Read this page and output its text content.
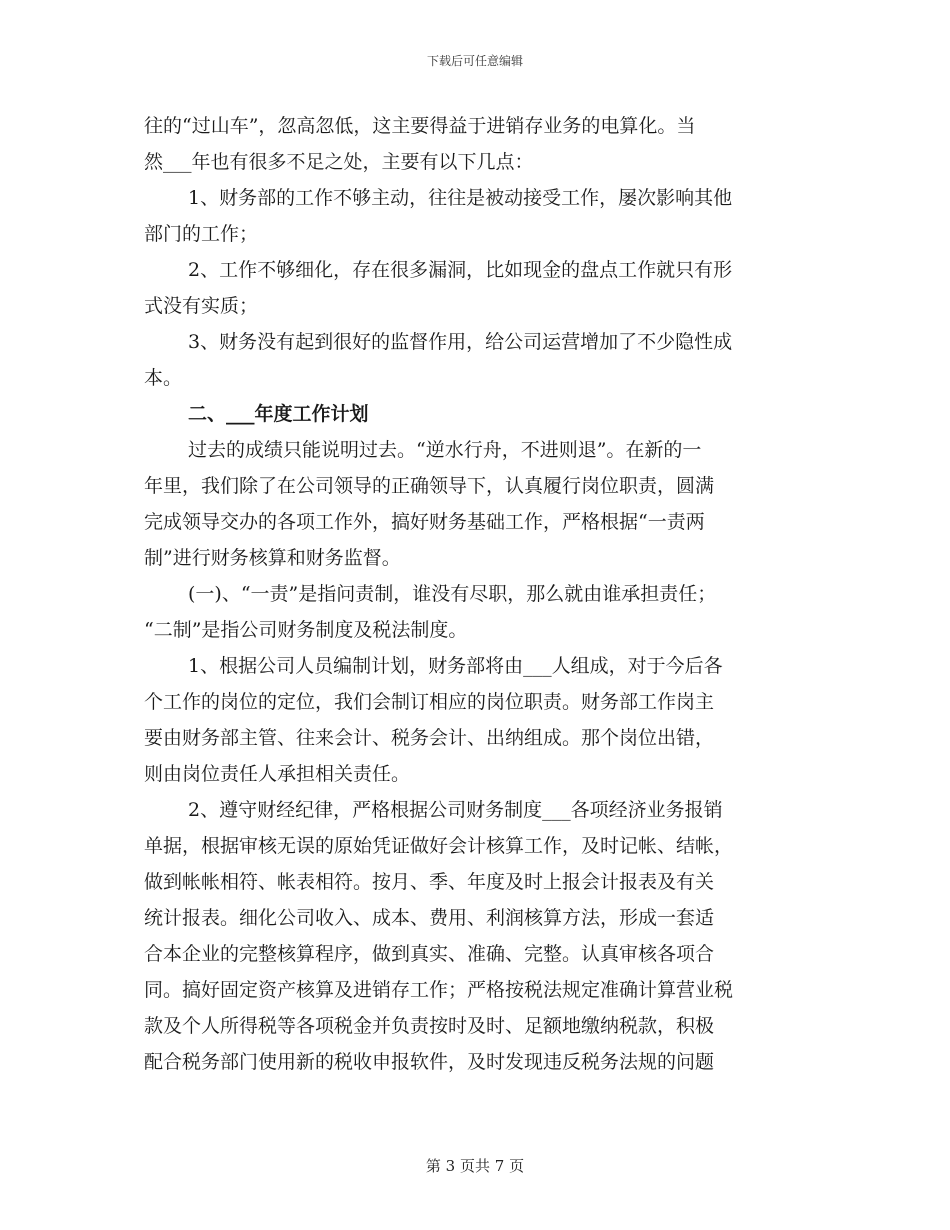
下载后可任意编辑
往的“过山车”，忽高忽低，这主要得益于进销存业务的电算化。当
然___年也有很多不足之处，主要有以下几点：
1、财务部的工作不够主动，往往是被动接受工作，屡次影响其他
部门的工作；
2、工作不够细化，存在很多漏洞，比如现金的盘点工作就只有形
式没有实质；
3、财务没有起到很好的监督作用，给公司运营增加了不少隐性成
本。
二、___年度工作计划
过去的成绩只能说明过去。“逆水行舟，不进则退”。在新的一
年里，我们除了在公司领导的正确领导下，认真履行岗位职责，圆满
完成领导交办的各项工作外，搞好财务基础工作，严格根据“一责两
制”进行财务核算和财务监督。
(一)、“一责”是指问责制，谁没有尽职，那么就由谁承担责任；
“二制”是指公司财务制度及税法制度。
1、根据公司人员编制计划，财务部将由___人组成，对于今后各
个工作的岗位的定位，我们会制订相应的岗位职责。财务部工作岗主
要由财务部主管、往来会计、税务会计、出纳组成。那个岗位出错，
则由岗位责任人承担相关责任。
2、遵守财经纪律，严格根据公司财务制度___各项经济业务报销
单据，根据审核无误的原始凭证做好会计核算工作，及时记帐、结帐，
做到帐帐相符、帐表相符。按月、季、年度及时上报会计报表及有关
统计报表。细化公司收入、成本、费用、利润核算方法，形成一套适
合本企业的完整核算程序，做到真实、准确、完整。认真审核各项合
同。搞好固定资产核算及进销存工作；严格按税法规定准确计算营业税
款及个人所得税等各项税金并负责按时及时、足额地缴纳税款，积极
配合税务部门使用新的税收申报软件，及时发现违反税务法规的问题
第 3 页共 7 页
